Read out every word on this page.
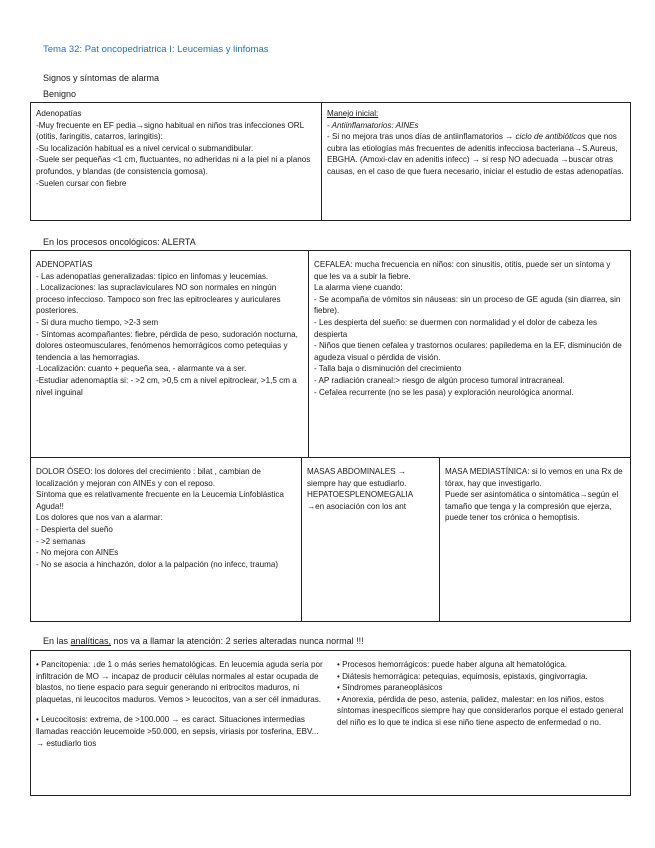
Tema 32: Pat oncopedriatrica I: Leucemias y linfomas
Signos y síntomas de alarma
Benigno
Adenopatías
-Muy frecuente en EF pedia→signo habitual en niños tras infecciones ORL (otitis, faringitis, catarros, laringitis):
-Su localización habitual es a nivel cervical o submandibular.
-Suele ser pequeñas <1 cm, fluctuantes, no adheridas ni a la piel ni a planos profundos, y blandas (de consistencia gomosa).
-Suelen cursar con fiebre
Manejo inicial:
- Antiinflamatorios: AINEs
- Si no mejora tras unos días de antiinflamatorios → ciclo de antibióticos que nos cubra las etiologías más frecuentes de adenitis infecciosa bacteriana→S.Aureus, EBGHA. (Amoxi-clav en adenitis infecc) → si resp NO adecuada →buscar otras causas, en el caso de que fuera necesario, iniciar el estudio de estas adenopatías.
En los procesos oncológicos: ALERTA
ADENOPATÍAS
- Las adenopatías generalizadas: típico en linfomas y leucemias.
. Localizaciones: las supraclaviculares NO son normales en ningún proceso infeccioso. Tampoco son frec las epitrocleares y auriculares posteriores.
- Si dura mucho tiempo, >2-3 sem
- Síntomas acompañantes: fiebre, pérdida de peso, sudoración nocturna, dolores osteomusculares, fenómenos hemorrágicos como petequias y tendencia a las hemorragias.
-Localización: cuanto + pequeña sea, - alarmante va a ser.
-Estudiar adenomaptía si: - >2 cm, >0,5 cm a nivel epitroclear, >1,5 cm a nivel inguinal
CEFALEA: mucha frecuencia en niños: con sinusitis, otitis, puede ser un síntoma y que les va a subir la fiebre.
La alarma viene cuando:
- Se acompaña de vómitos sin náuseas: sin un proceso de GE aguda (sin diarrea, sin fiebre).
- Les despierta del sueño: se duermen con normalidad y el dolor de cabeza les despierta
- Niños que tienen cefalea y trastornos oculares: papiledema en la EF, disminución de agudeza visual o pérdida de visión.
- Talla baja o disminución del crecimiento
- AP radiación craneal:> riesgo de algún proceso tumoral intracraneal.
- Cefalea recurrente (no se les pasa) y exploración neurológica anormal.
DOLOR ÓSEO: los dolores del crecimiento : bilat , cambian de localización y mejoran con AINEs y con el reposo.
Síntoma que es relativamente frecuente en la Leucemia Linfoblástica Aguda!!
Los dolores que nos van a alarmar:
- Despierta del sueño
- >2 semanas
- No mejora con AINEs
- No se asocia a hinchazón, dolor a la palpación (no infecc, trauma)
MASAS ABDOMINALES →
siempre hay que estudiarlo.
HEPATOESPLENOMEGALIA
→en asociación con los ant
MASA MEDIASTÍNICA: si lo vemos en una Rx de tórax, hay que investigarlo.
Puede ser asintomática o sintomática→según el tamaño que tenga y la compresión que ejerza, puede tener tos crónica o hemoptisis.
En las analíticas, nos va a llamar la atención: 2 series alteradas nunca normal !!!
• Pancitopenia: ↓de 1 o más series hematológicas. En leucemia aguda sería por infiltración de MO → incapaz de producir células normales al estar ocupada de blastos, no tiene espacio para seguir generando ni eritrocitos maduros, ni plaquetas, ni leucocitos maduros. Vemos > leucocitos, van a ser cél inmaduras.
• Leucocitosis: extrema, de >100.000 → es caract. Situaciones intermedias llamadas reacción leucemoide >50.000, en sepsis, viriasis por tosferina, EBV... → estudiarlo tios
• Procesos hemorrágicos: puede haber alguna alt hematológica.
• Diátesis hemorrágica: petequias, equimosis, epistaxis, gingivorragia.
• Síndromes paraneoplásicos
• Anorexia, pérdida de peso, astenia, palidez, malestar: en los niños, estos síntomas inespecíficos siempre hay que considerarlos porque el estado general del niño es lo que te indica si ese niño tiene aspecto de enfermedad o no.
